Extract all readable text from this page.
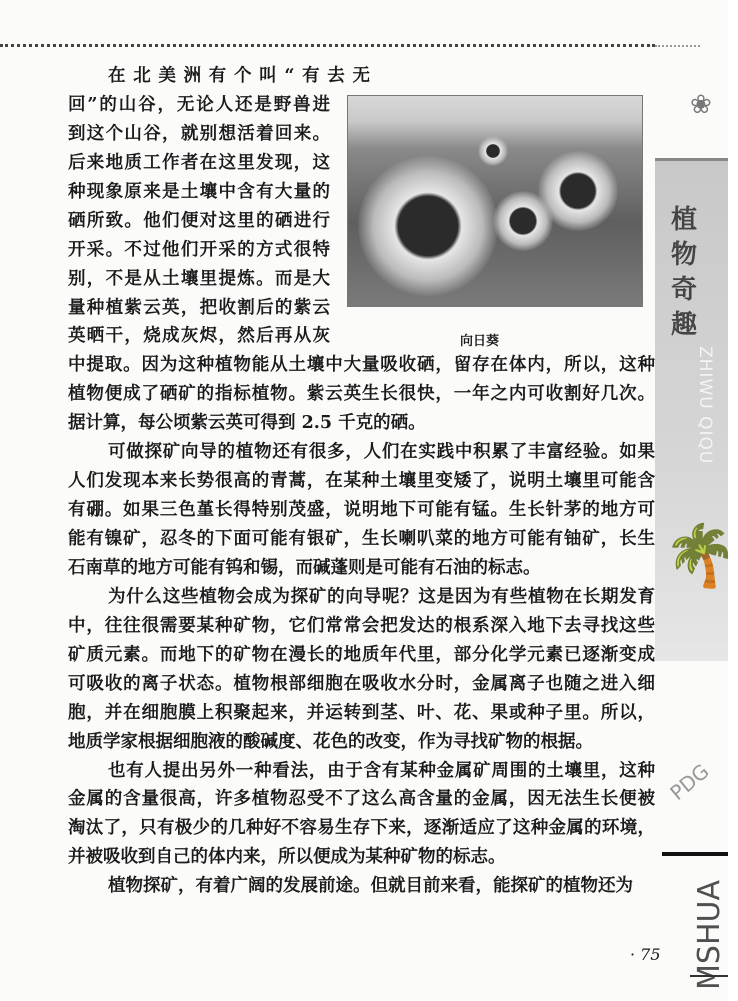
❀
向日葵
植
物
奇
趣
ZHIWU QIQU
🌴
PDG
在北美洲有个叫“有去无
回”的山谷，无论人还是野兽进
到这个山谷，就别想活着回来。
后来地质工作者在这里发现，这
种现象原来是土壤中含有大量的
硒所致。他们便对这里的硒进行
开采。不过他们开采的方式很特
别，不是从土壤里提炼。而是大
量种植紫云英，把收割后的紫云
英晒干，烧成灰烬，然后再从灰
中提取。因为这种植物能从土壤中大量吸收硒，留存在体内，所以，这种
植物便成了硒矿的指标植物。紫云英生长很快，一年之内可收割好几次。
据计算，每公顷紫云英可得到 2.5 千克的硒。
可做探矿向导的植物还有很多，人们在实践中积累了丰富经验。如果
人们发现本来长势很高的青蒿，在某种土壤里变矮了，说明土壤里可能含
有硼。如果三色堇长得特别茂盛，说明地下可能有锰。生长针茅的地方可
能有镍矿，忍冬的下面可能有银矿，生长喇叭菜的地方可能有铀矿，长生
石南草的地方可能有钨和锡，而碱蓬则是可能有石油的标志。
为什么这些植物会成为探矿的向导呢？这是因为有些植物在长期发育
中，往往很需要某种矿物，它们常常会把发达的根系深入地下去寻找这些
矿质元素。而地下的矿物在漫长的地质年代里，部分化学元素已逐渐变成
可吸收的离子状态。植物根部细胞在吸收水分时，金属离子也随之进入细
胞，并在细胞膜上积聚起来，并运转到茎、叶、花、果或种子里。所以，
地质学家根据细胞液的酸碱度、花色的改变，作为寻找矿物的根据。
也有人提出另外一种看法，由于含有某种金属矿周围的土壤里，这种
金属的含量很高，许多植物忍受不了这么高含量的金属，因无法生长便被
淘汰了，只有极少的几种好不容易生存下来，逐渐适应了这种金属的环境，
并被吸收到自己的体内来，所以便成为某种矿物的标志。
植物探矿，有着广阔的发展前途。但就目前来看，能探矿的植物还为
· 75 MSHUA
